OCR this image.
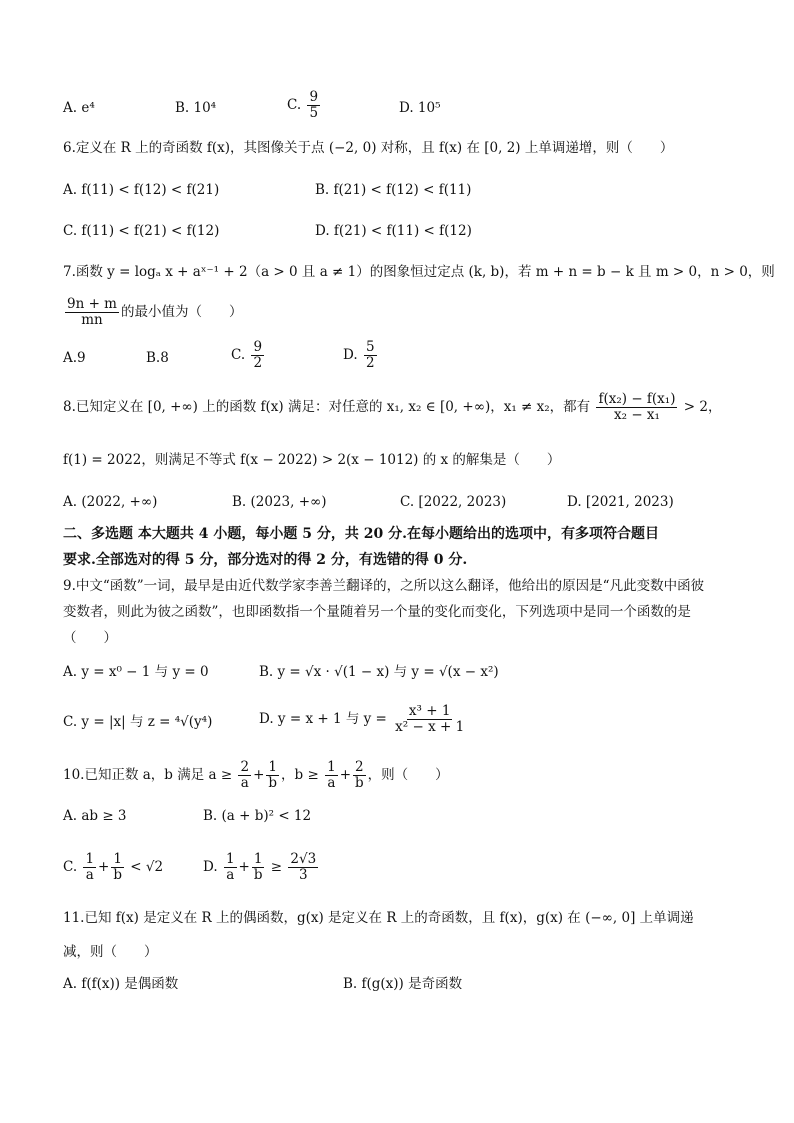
A. e⁴	B. 10⁴	C. $\frac{9}{5}$	D. 10⁵
6.定义在 R 上的奇函数 f(x)，其图像关于点 (−2, 0) 对称，且 f(x) 在 [0, 2) 上单调递增，则（　　）
A. f(11) < f(12) < f(21)	B. f(21) < f(12) < f(11)
C. f(11) < f(21) < f(12)	D. f(21) < f(11) < f(12)
7.函数 y = logₐ x + aˣ⁻¹ + 2（a > 0 且 a ≠ 1）的图象恒过定点 (k, b)，若 m + n = b − k 且 m > 0，n > 0，则
$\frac{9n + m}{mn}$ 的最小值为（　　）
A.9	B.8	C. $\frac{9}{2}$	D. $\frac{5}{2}$
8.已知定义在 [0, +∞) 上的函数 f(x) 满足：对任意的 x₁, x₂ ∈ [0, +∞)，x₁ ≠ x₂，都有 $\frac{\text{f(x₂) − f(x₁)}}{\text{x₂ − x₁}} > 2$，
f(1) = 2022，则满足不等式 f(x − 2022) > 2(x − 1012) 的 x 的解集是（　　）
A. (2022, +∞)	B. (2023, +∞)	C. [2022, 2023)	D. [2021, 2023)
二、多选题 本大题共 4 小题，每小题 5 分，共 20 分.在每小题给出的选项中，有多项符合题目
要求.全部选对的得 5 分，部分选对的得 2 分，有选错的得 0 分.
9.中文“函数”一词，最早是由近代数学家李善兰翻译的，之所以这么翻译，他给出的原因是“凡此变数中函彼
变数者，则此为彼之函数”，也即函数指一个量随着另一个量的变化而变化，下列选项中是同一个函数的是
（　　）
A. y = x⁰ − 1 与 y = 0	B. y = √x · √(1 − x) 与 y = √(x − x²)
C. y = |x| 与 z = ⁴√(y⁴)	D. y = x + 1 与 $y = \frac{\text{x³ + 1}}{\text{x² − x + 1}}$
10.已知正数 a，b 满足 $a \ge \frac{2}{a} + \frac{1}{b}$ ，$b \ge \frac{1}{a} + \frac{2}{b}$ ，则（　　）
A. ab ≥ 3	B. (a + b)² < 12
C. $\frac{1}{a} + \frac{1}{b} < √2$	D. $\frac{1}{a} + \frac{1}{b} \ge \frac{2√3}{3}$
11.已知 f(x) 是定义在 R 上的偶函数，g(x) 是定义在 R 上的奇函数，且 f(x)，g(x) 在 (−∞, 0] 上单调递
减，则（　　）
A. f(f(x)) 是偶函数	B. f(g(x)) 是奇函数
